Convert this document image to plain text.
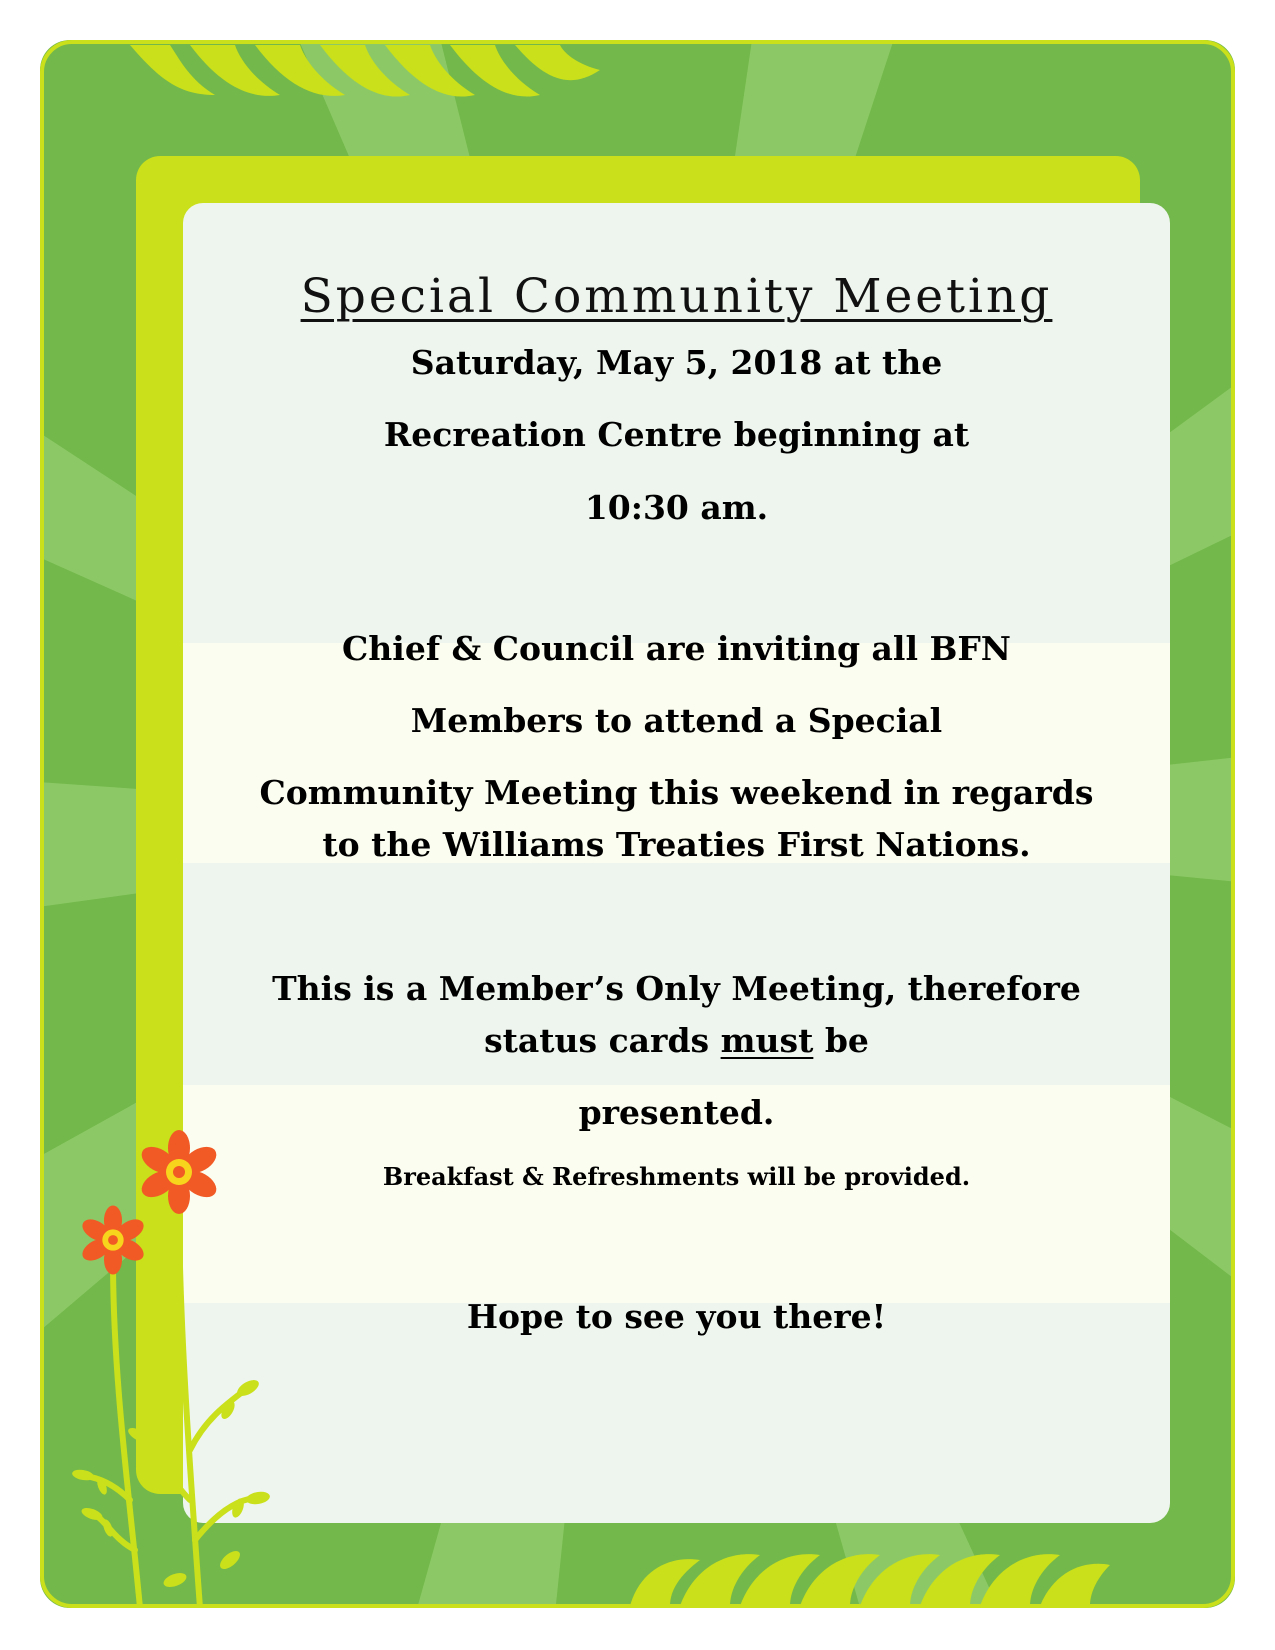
Special Community Meeting
Saturday, May 5, 2018 at the
Recreation Centre beginning at
10:30 am.
Chief & Council are inviting all BFN
Members to attend a Special
Community Meeting this weekend in regards
to the Williams Treaties First Nations.
This is a Member’s Only Meeting, therefore
status cards must be
presented.
Breakfast & Refreshments will be provided.
Hope to see you there!
